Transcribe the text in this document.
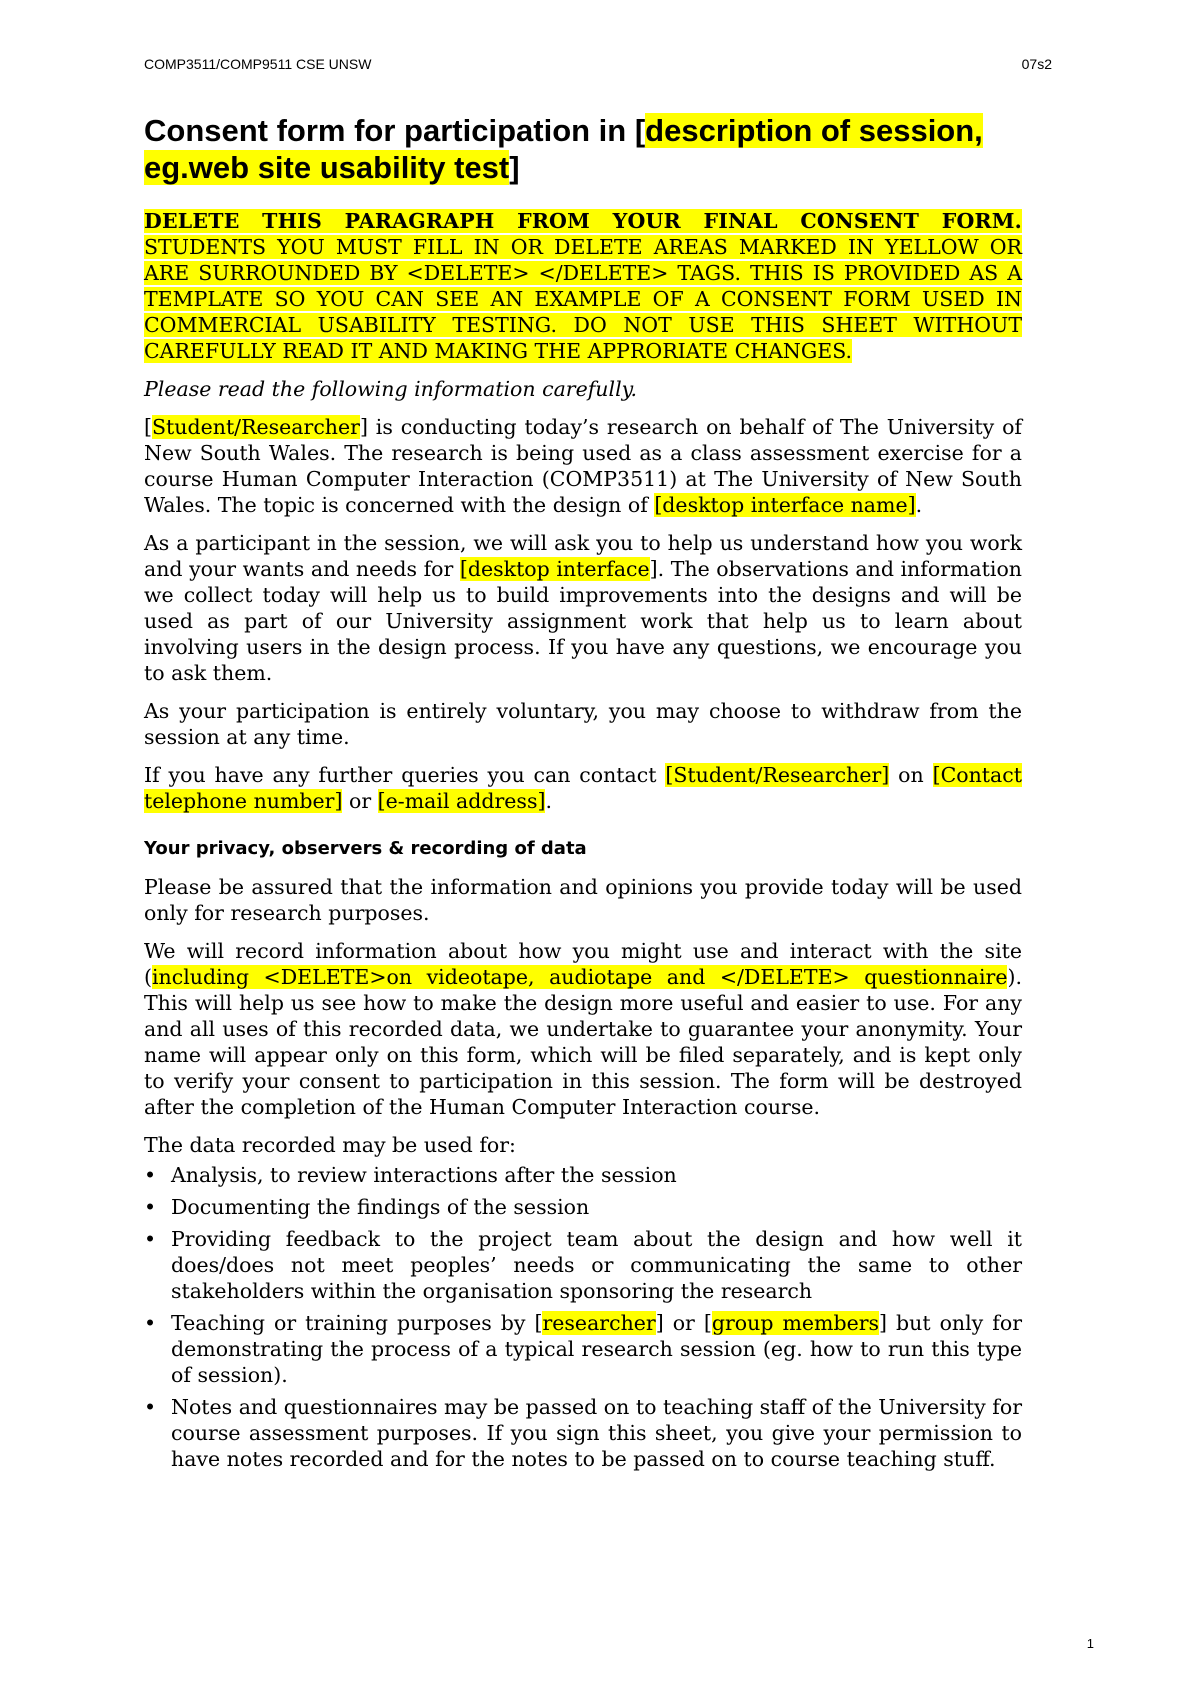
COMP3511/COMP9511 CSE UNSW	07s2
Consent form for participation in [description of session, eg.web site usability test]

DELETE THIS PARAGRAPH FROM YOUR FINAL CONSENT FORM. STUDENTS YOU MUST FILL IN OR DELETE AREAS MARKED IN YELLOW OR ARE SURROUNDED BY <DELETE> </DELETE> TAGS. THIS IS PROVIDED AS A TEMPLATE SO YOU CAN SEE AN EXAMPLE OF A CONSENT FORM USED IN COMMERCIAL USABILITY TESTING. DO NOT USE THIS SHEET WITHOUT CAREFULLY READ IT AND MAKING THE APPRORIATE CHANGES.

Please read the following information carefully.

[Student/Researcher] is conducting today’s research on behalf of The University of New South Wales. The research is being used as a class assessment exercise for a course Human Computer Interaction (COMP3511) at The University of New South Wales. The topic is concerned with the design of [desktop interface name].

As a participant in the session, we will ask you to help us understand how you work and your wants and needs for [desktop interface]. The observations and information we collect today will help us to build improvements into the designs and will be used as part of our University assignment work that help us to learn about involving users in the design process. If you have any questions, we encourage you to ask them.

As your participation is entirely voluntary, you may choose to withdraw from the session at any time.

If you have any further queries you can contact [Student/Researcher] on [Contact telephone number] or [e-mail address].

Your privacy, observers & recording of data

Please be assured that the information and opinions you provide today will be used only for research purposes.

We will record information about how you might use and interact with the site (including <DELETE>on videotape, audiotape and </DELETE> questionnaire). This will help us see how to make the design more useful and easier to use. For any and all uses of this recorded data, we undertake to guarantee your anonymity. Your name will appear only on this form, which will be filed separately, and is kept only to verify your consent to participation in this session. The form will be destroyed after the completion of the Human Computer Interaction course.

The data recorded may be used for:

• Analysis, to review interactions after the session
• Documenting the findings of the session
• Providing feedback to the project team about the design and how well it does/does not meet peoples’ needs or communicating the same to other stakeholders within the organisation sponsoring the research
• Teaching or training purposes by [researcher] or [group members] but only for demonstrating the process of a typical research session (eg. how to run this type of session).
• Notes and questionnaires may be passed on to teaching staff of the University for course assessment purposes. If you sign this sheet, you give your permission to have notes recorded and for the notes to be passed on to course teaching stuff.
1
